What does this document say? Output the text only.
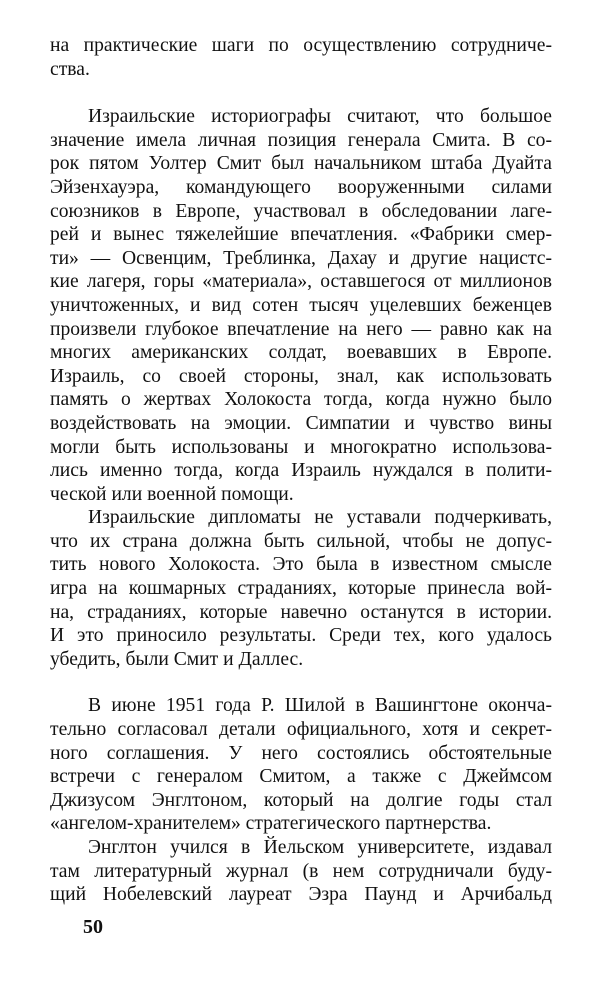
на практические шаги по осуществлению сотрудниче-
ства.

Израильские историографы считают, что большое
значение имела личная позиция генерала Смита. В со-
рок пятом Уолтер Смит был начальником штаба Дуайта
Эйзенхауэра, командующего вооруженными силами
союзников в Европе, участвовал в обследовании лаге-
рей и вынес тяжелейшие впечатления. «Фабрики смер-
ти» — Освенцим, Треблинка, Дахау и другие нацистс-
кие лагеря, горы «материала», оставшегося от миллионов
уничтоженных, и вид сотен тысяч уцелевших беженцев
произвели глубокое впечатление на него — равно как на
многих американских солдат, воевавших в Европе.
Израиль, со своей стороны, знал, как использовать
память о жертвах Холокоста тогда, когда нужно было
воздействовать на эмоции. Симпатии и чувство вины
могли быть использованы и многократно использова-
лись именно тогда, когда Израиль нуждался в полити-
ческой или военной помощи.

Израильские дипломаты не уставали подчеркивать,
что их страна должна быть сильной, чтобы не допус-
тить нового Холокоста. Это была в известном смысле
игра на кошмарных страданиях, которые принесла вой-
на, страданиях, которые навечно останутся в истории.
И это приносило результаты. Среди тех, кого удалось
убедить, были Смит и Даллес.

В июне 1951 года Р. Шилой в Вашингтоне оконча-
тельно согласовал детали официального, хотя и секрет-
ного соглашения. У него состоялись обстоятельные
встречи с генералом Смитом, а также с Джеймсом
Джизусом Энглтоном, который на долгие годы стал
«ангелом-хранителем» стратегического партнерства.

Энглтон учился в Йельском университете, издавал
там литературный журнал (в нем сотрудничали буду-
щий Нобелевский лауреат Эзра Паунд и Арчибальд

50
